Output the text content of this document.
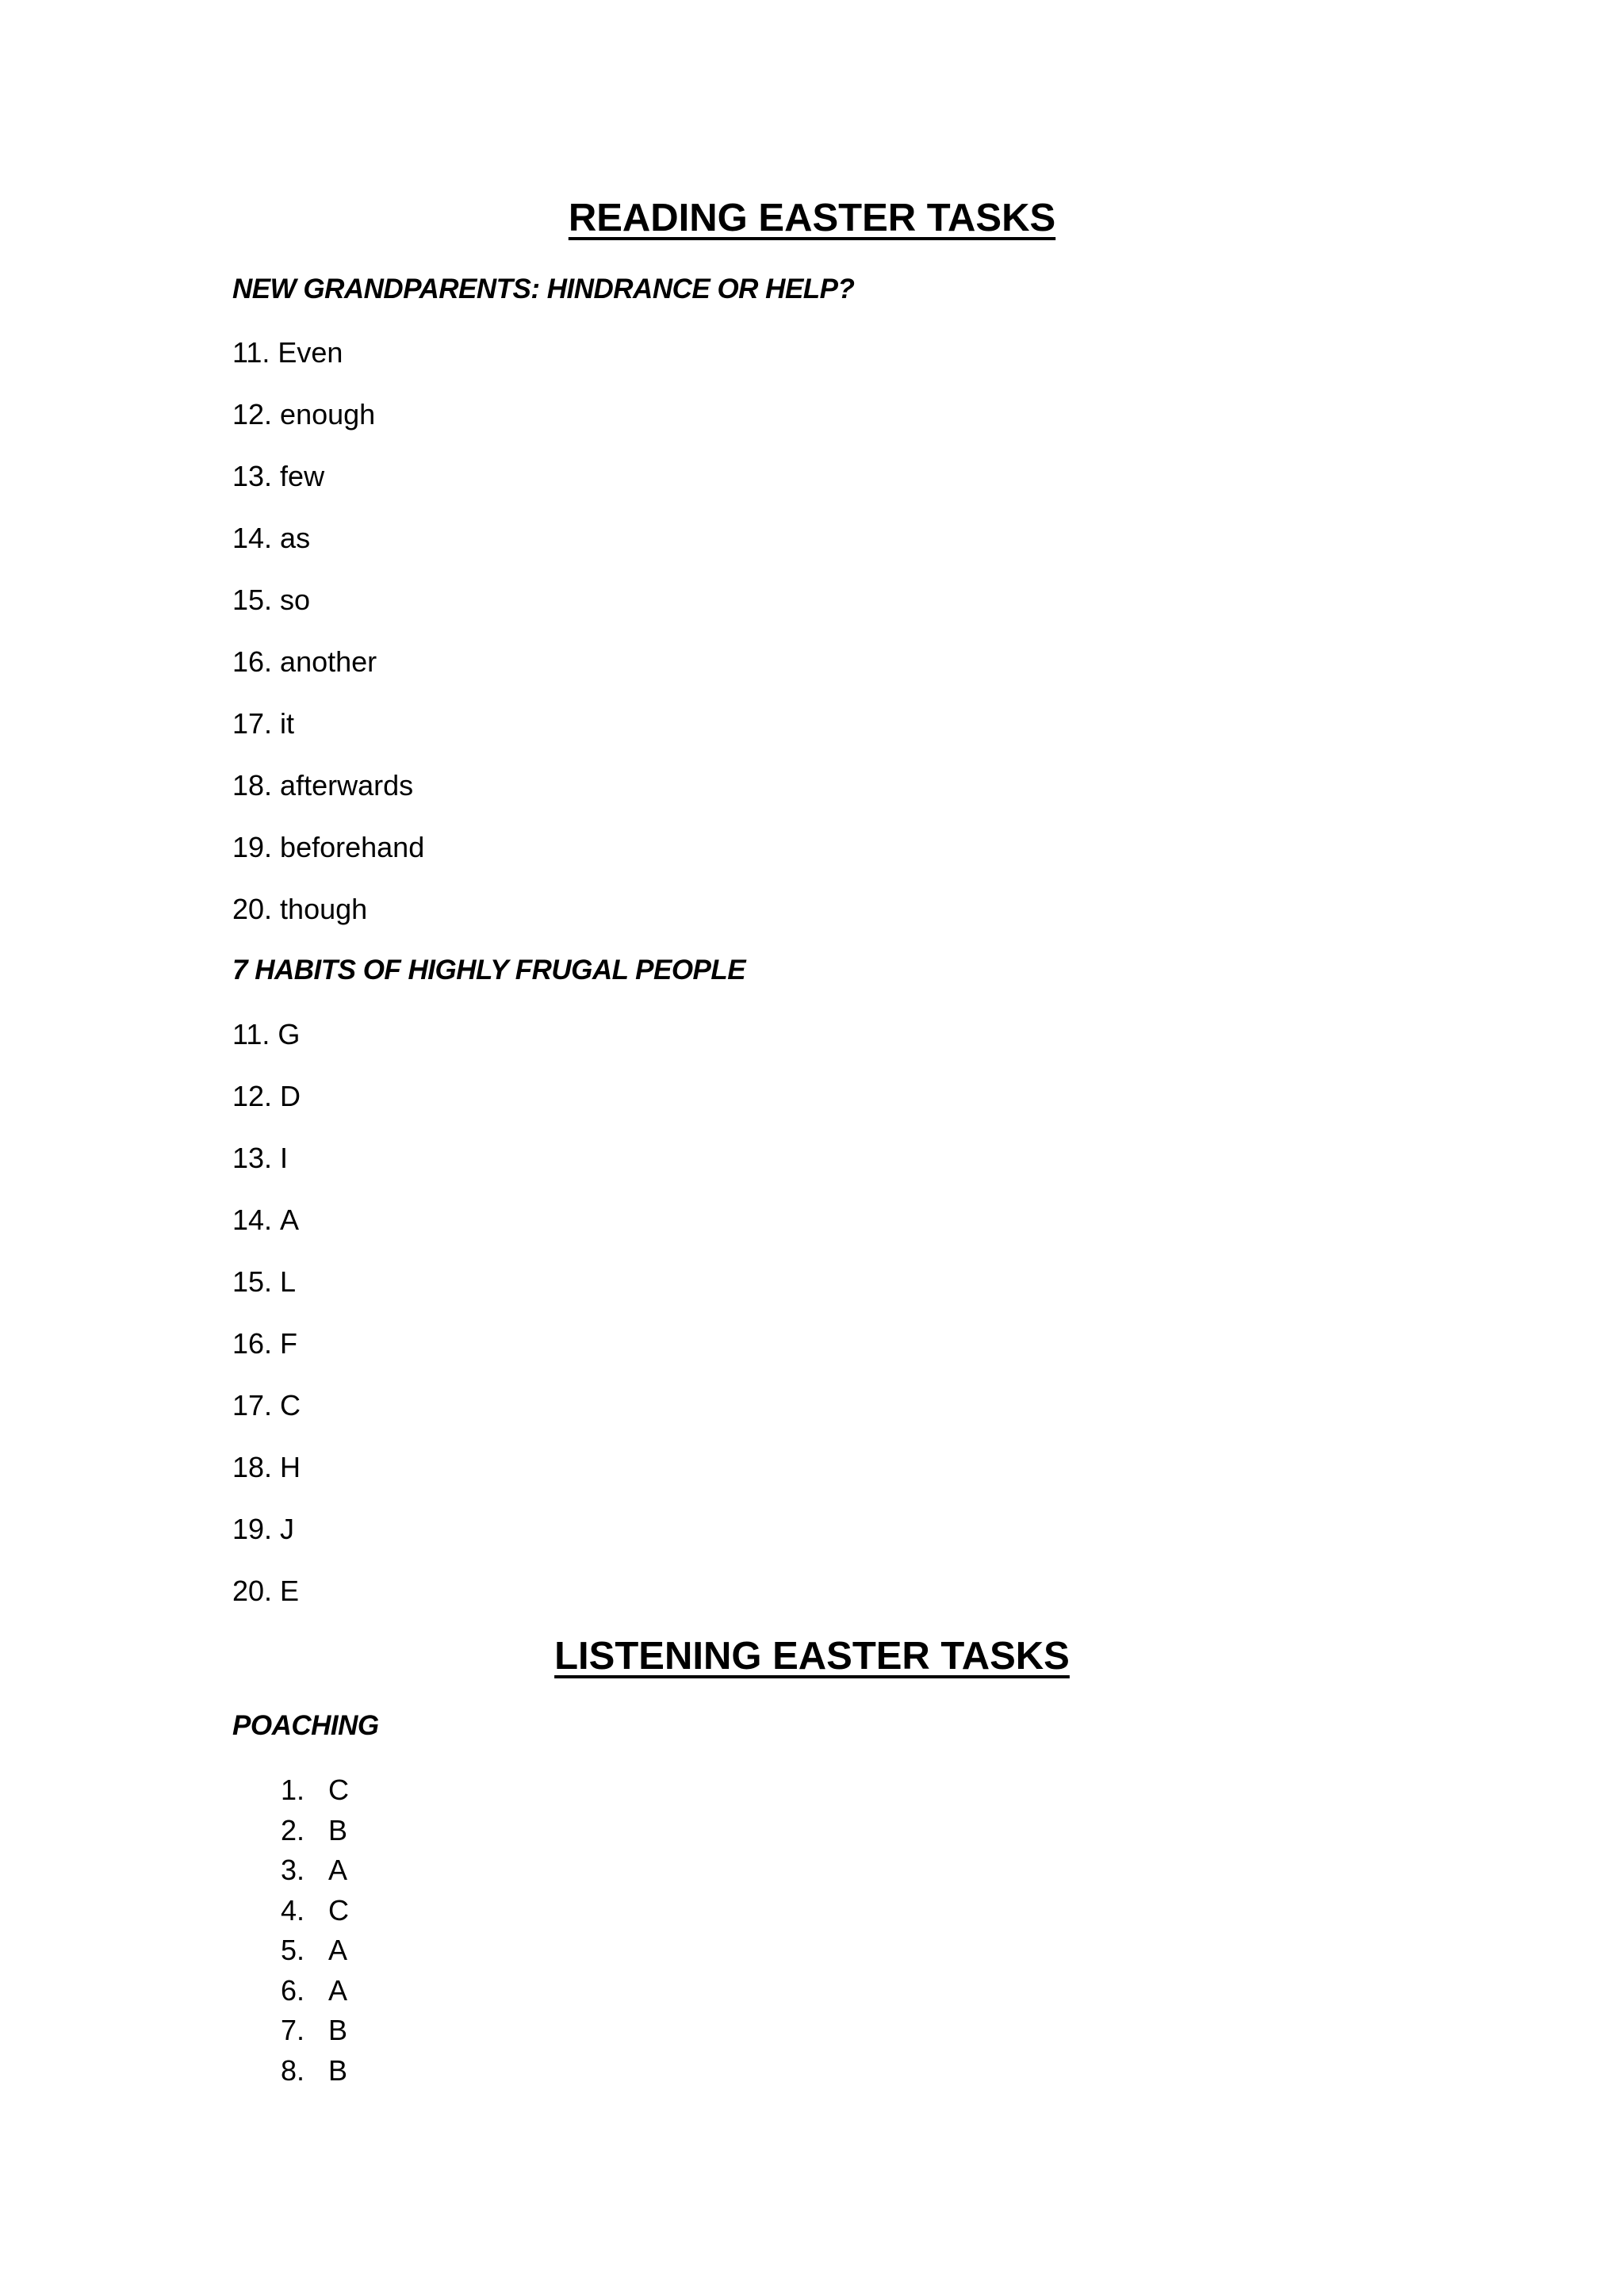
READING EASTER TASKS
NEW GRANDPARENTS: HINDRANCE OR HELP?
11. Even
12. enough
13. few
14. as
15. so
16. another
17. it
18. afterwards
19. beforehand
20. though
7 HABITS OF HIGHLY FRUGAL PEOPLE
11. G
12. D
13. I
14. A
15. L
16. F
17. C
18. H
19. J
20. E
LISTENING EASTER TASKS
POACHING
1. C
2. B
3. A
4. C
5. A
6. A
7. B
8. B
